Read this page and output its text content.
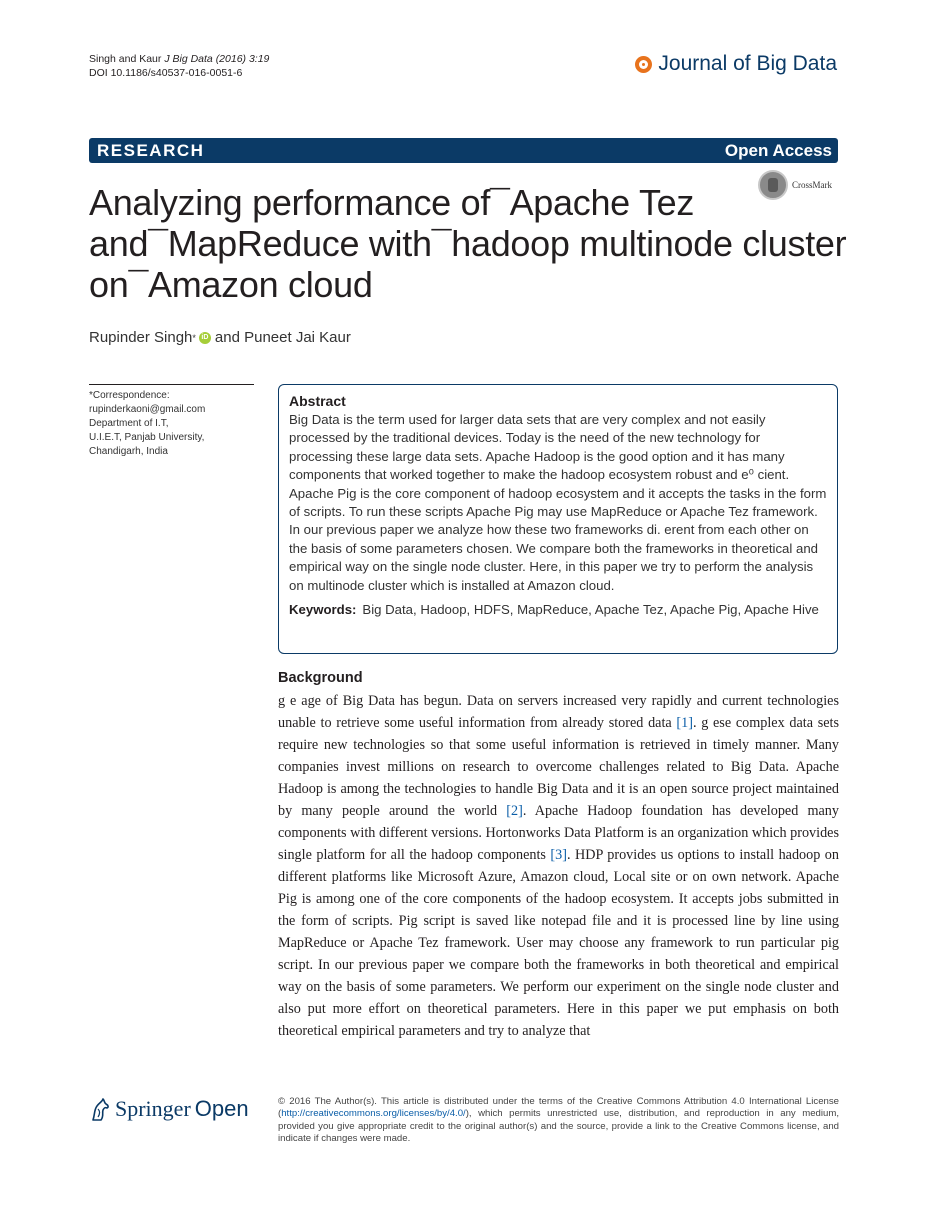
Singh and Kaur J Big Data (2016) 3:19
DOI 10.1186/s40537-016-0051-6	Journal of Big Data
RESEARCH	Open Access
CrossMark
Analyzing performance of¯Apache Tez
and¯MapReduce with¯hadoop multinode cluster
on¯Amazon cloud
Rupinder Singh * iD and Puneet Jai Kaur
*Correspondence:
rupinderkaoni@gmail.com
Department of I.T,
U.I.E.T, Panjab University,
Chandigarh, India
Abstract
Big Data is the term used for larger data sets that are very complex and not easily processed by the traditional devices. Today is the need of the new technology for processing these large data sets. Apache Hadoop is the good option and it has many components that worked together to make the hadoop ecosystem robust and e⁰ cient. Apache Pig is the core component of hadoop ecosystem and it accepts the tasks in the form of scripts. To run these scripts Apache Pig may use MapReduce or Apache Tez framework. In our previous paper we analyze how these two frameworks di. erent from each other on the basis of some parameters chosen. We compare both the frameworks in theoretical and empirical way on the single node cluster. Here, in this paper we try to perform the analysis on multinode cluster which is installed at Amazon cloud.
Keywords: Big Data, Hadoop, HDFS, MapReduce, Apache Tez, Apache Pig, Apache Hive
Background
g e age of Big Data has begun. Data on servers increased very rapidly and current technologies unable to retrieve some useful information from already stored data [1]. g ese complex data sets require new technologies so that some useful information is retrieved in timely manner. Many companies invest millions on research to overcome challenges related to Big Data. Apache Hadoop is among the technologies to handle Big Data and it is an open source project maintained by many people around the world [2]. Apache Hadoop foundation has developed many components with different versions. Hortonworks Data Platform is an organization which provides single platform for all the hadoop components [3]. HDP provides us options to install hadoop on different platforms like Microsoft Azure, Amazon cloud, Local site or on own network. Apache Pig is among one of the core components of the hadoop ecosystem. It accepts jobs submitted in the form of scripts. Pig script is saved like notepad file and it is processed line by line using MapReduce or Apache Tez framework. User may choose any framework to run particular pig script. In our previous paper we compare both the frameworks in both theoretical and empirical way on the basis of some parameters. We perform our experiment on the single node cluster and also put more effort on theoretical parameters. Here in this paper we put emphasis on both theoretical empirical parameters and try to analyze that
Springer Open	© 2016 The Author(s). This article is distributed under the terms of the Creative Commons Attribution 4.0 International License (http://creativecommons.org/licenses/by/4.0/), which permits unrestricted use, distribution, and reproduction in any medium, provided you give appropriate credit to the original author(s) and the source, provide a link to the Creative Commons license, and indicate if changes were made.
